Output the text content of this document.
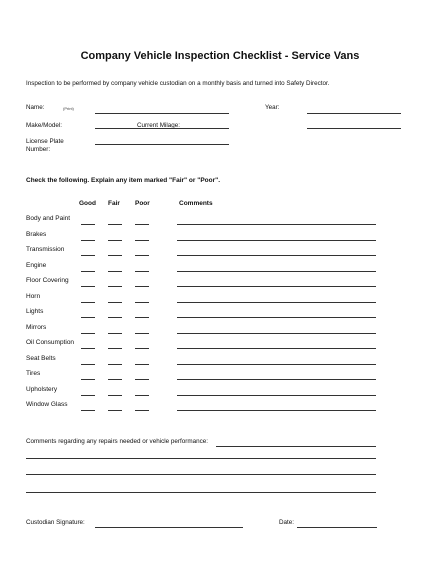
Company Vehicle Inspection Checklist - Service Vans
Inspection to be performed by company vehicle custodian on a monthly basis and turned into Safety Director.
Name:	(Print)	Year:
Make/Model:	Current Milage:
License Plate
Number:
Check the following. Explain any item marked "Fair" or "Poor".
Good Fair Poor	Comments
Body and Paint
Brakes
Transmission
Engine
Floor Covering
Horn
Lights
Mirrors
Oil Consumption
Seat Belts
Tires
Upholstery
Window Glass
Comments regarding any repairs needed or vehicle performance:
Custodian Signature:	Date:
